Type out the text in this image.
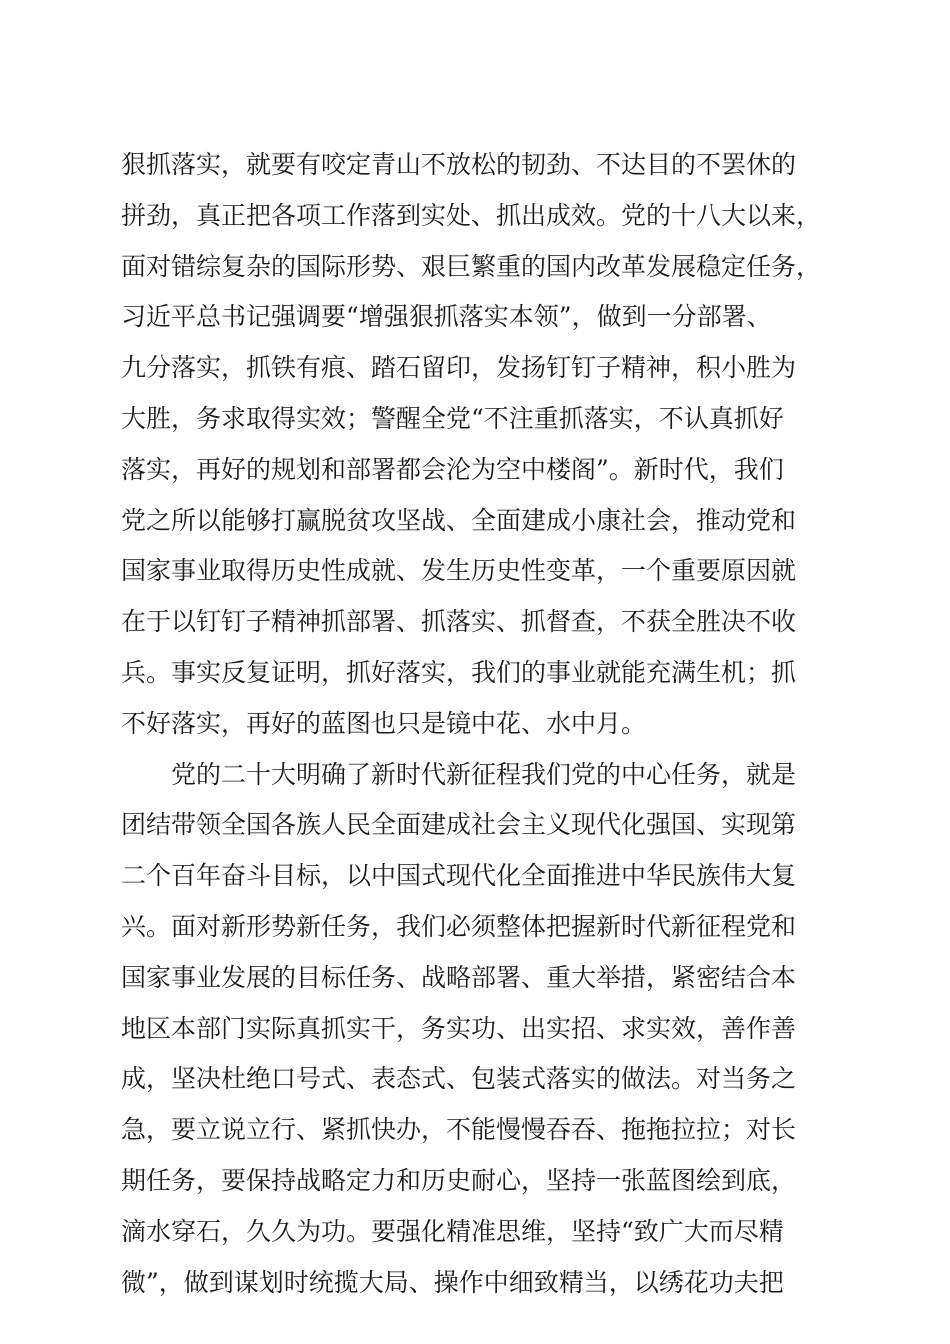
狠抓落实，就要有咬定青山不放松的韧劲、不达目的不罢休的
拼劲，真正把各项工作落到实处、抓出成效。党的十八大以来，
面对错综复杂的国际形势、艰巨繁重的国内改革发展稳定任务，
习近平总书记强调要“增强狠抓落实本领”，做到一分部署、
九分落实，抓铁有痕、踏石留印，发扬钉钉子精神，积小胜为
大胜，务求取得实效；警醒全党“不注重抓落实，不认真抓好
落实，再好的规划和部署都会沦为空中楼阁”。新时代，我们
党之所以能够打赢脱贫攻坚战、全面建成小康社会，推动党和
国家事业取得历史性成就、发生历史性变革，一个重要原因就
在于以钉钉子精神抓部署、抓落实、抓督查，不获全胜决不收
兵。事实反复证明，抓好落实，我们的事业就能充满生机；抓
不好落实，再好的蓝图也只是镜中花、水中月。
党的二十大明确了新时代新征程我们党的中心任务，就是
团结带领全国各族人民全面建成社会主义现代化强国、实现第
二个百年奋斗目标，以中国式现代化全面推进中华民族伟大复
兴。面对新形势新任务，我们必须整体把握新时代新征程党和
国家事业发展的目标任务、战略部署、重大举措，紧密结合本
地区本部门实际真抓实干，务实功、出实招、求实效，善作善
成，坚决杜绝口号式、表态式、包装式落实的做法。对当务之
急，要立说立行、紧抓快办，不能慢慢吞吞、拖拖拉拉；对长
期任务，要保持战略定力和历史耐心，坚持一张蓝图绘到底，
滴水穿石，久久为功。要强化精准思维，坚持“致广大而尽精
微”，做到谋划时统揽大局、操作中细致精当，以绣花功夫把
